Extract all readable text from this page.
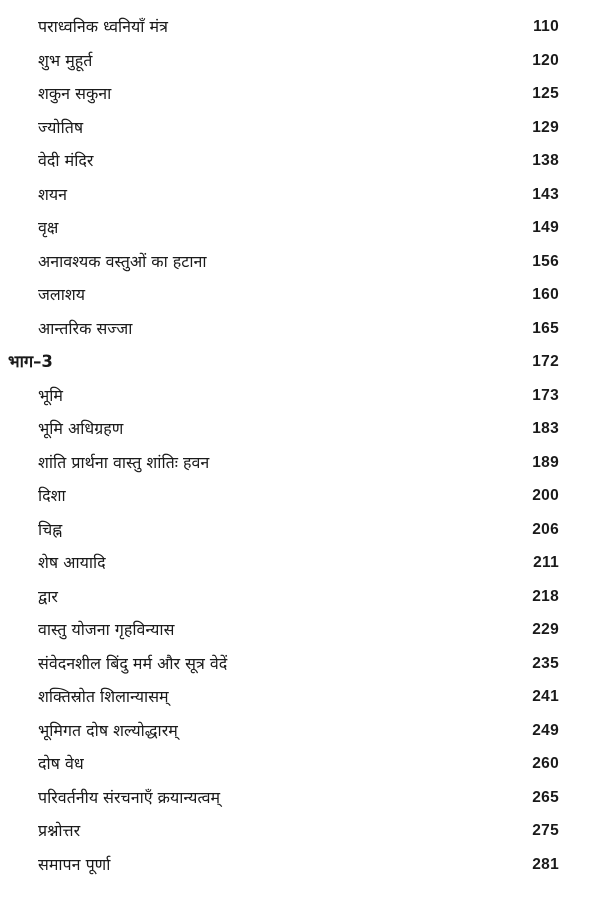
पराध्वनिक ध्वनियाँ मंत्र	110
शुभ मुहूर्त	120
शकुन सकुना	125
ज्योतिष	129
वेदी मंदिर	138
शयन	143
वृक्ष	149
अनावश्यक वस्तुओं का हटाना	156
जलाशय	160
आन्तरिक सज्जा	165
भाग–3	172
भूमि	173
भूमि अधिग्रहण	183
शांति प्रार्थना वास्तु शांतिः हवन	189
दिशा	200
चिह्न	206
शेष आयादि	211
द्वार	218
वास्तु योजना गृहविन्यास	229
संवेदनशील बिंदु मर्म और सूत्र वेदें	235
शक्तिस्रोत शिलान्यासम्	241
भूमिगत दोष शल्योद्धारम्	249
दोष वेध	260
परिवर्तनीय संरचनाएँ क्रयान्यत्वम्	265
प्रश्नोत्तर	275
समापन पूर्णा	281
